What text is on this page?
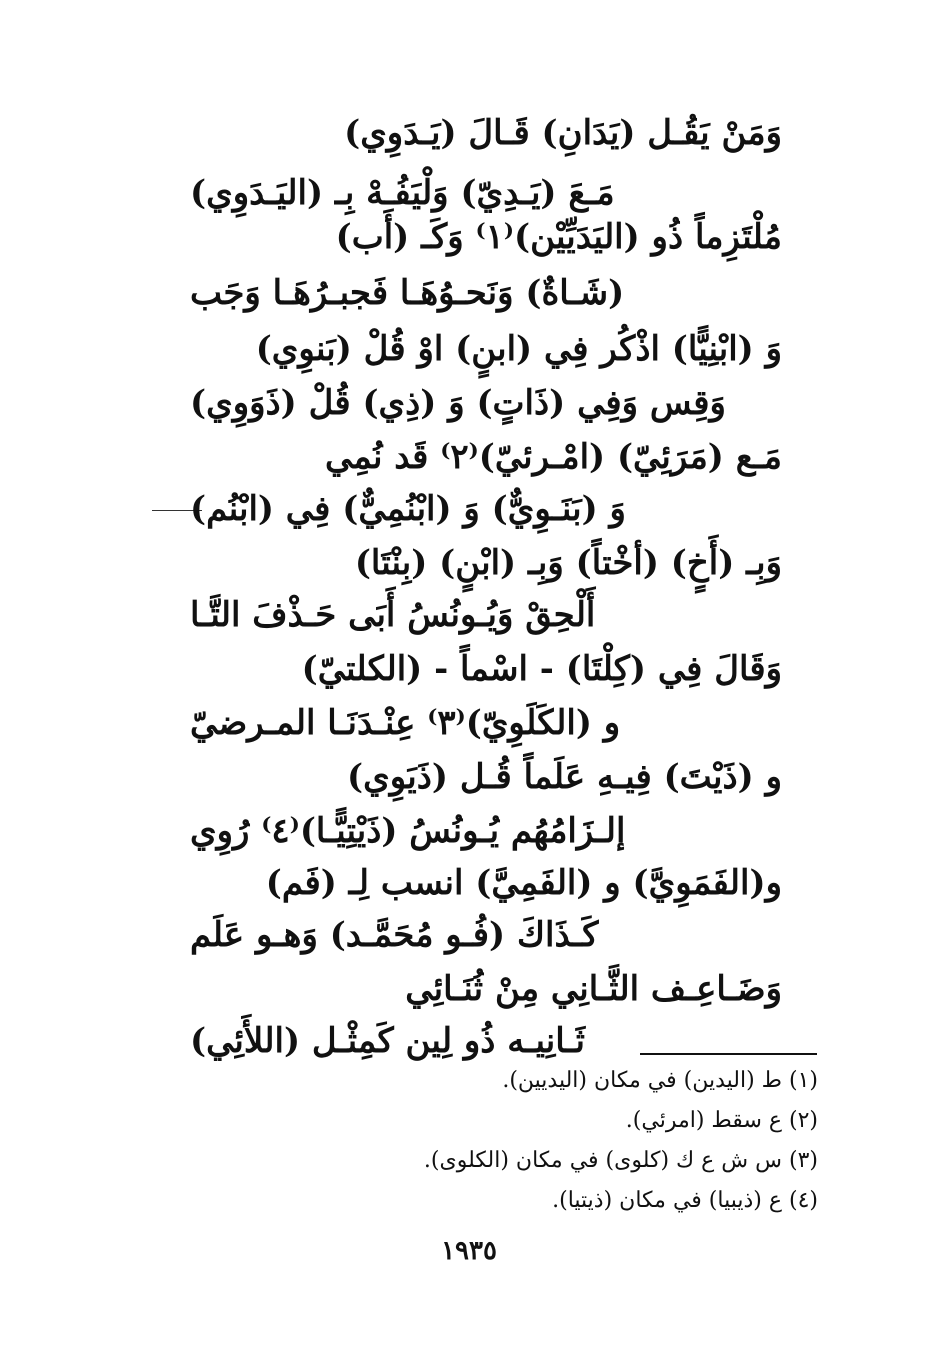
وَمَنْ يَقُـل (يَدَانِ) قَـالَ (يَـدَوِي)

مَـعَ (يَـدِيّ) وَلْيَفُـهْ بِـ (اليَـدَوِي)

مُلْتَزِماً ذُو (اليَدَيِّيْن)⁽١⁾ وَكَـ (أَب)

(شَـاةٌ) وَنَحـوُهَـا فَجبـرُهَـا وَجَب

وَ (ابْنِيًّا) اذْكُر فِي (ابنٍ) اوْ قُلْ (بَنوِي)

وَقِس وَفِي (ذَاتٍ) وَ (ذِي) قُلْ (ذَوَوِي)

مَـع (مَرَئِيّ) (امْـرئيّ)⁽٢⁾ قَد نُمِي

وَ (بَنَـوِيٌّ) وَ (ابْنُمِيٌّ) فِي (ابْنُم)

وَبِـ (أَخٍ) (أخْتاً) وَبِـ (ابْنٍ) (بِنْتَا)

أَلْحِقْ وَيُـونُسُ أَبَى حَـذْفَ التَّـا

وَقَالَ فِي (كِلْتَا) - اسْماً - (الكلتيّ)

و (الكَلَوِيّ)⁽٣⁾ عِنْـدَنَـا المـرضيّ

و (ذَيْتَ) فِيـهِ عَلَماً قُـل (ذَيَوِي)

إلـزَامُهُم يُـونُسُ (ذَيْتِيًّـا)⁽٤⁾ رُوِي

و(الفَمَوِيَّ) و (الفَمِيَّ) انسب لِـ (فَم)

كَـذَاكَ (فُـو مُحَمَّـد) وَهـو عَلَم

وَضَـاعِـف الثَّـانِي مِنْ ثُنَـائِي

ثَـانِيـه ذُو لِين كَمِثْـل (اللأَئِي)

(١) ط (اليدين) في مكان (اليديين).

(٢) ع سقط (امرئي).

(٣) س ش ع ك (كلوى) في مكان (الكلوى).

(٤) ع (ذيبيا) في مكان (ذيتيا).

١٩٣٥
